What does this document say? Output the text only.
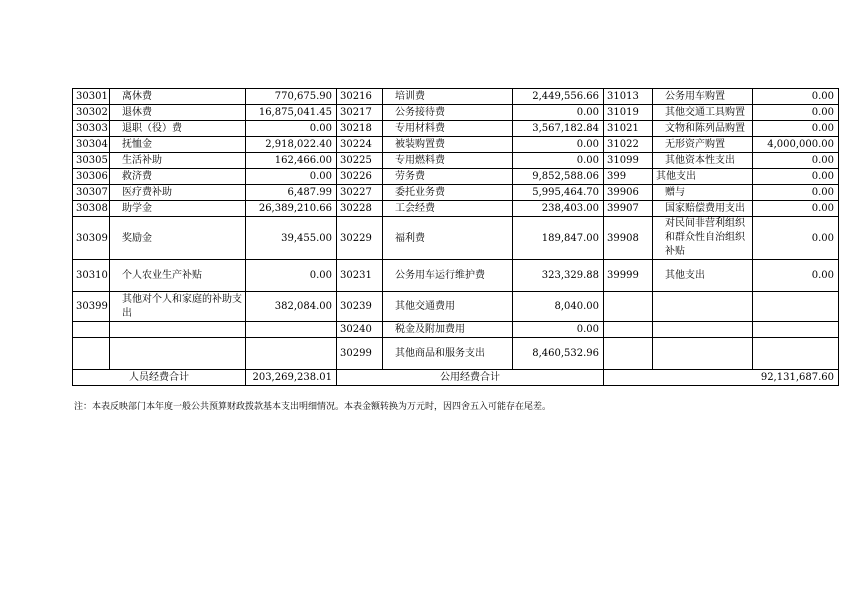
30301	离休费	770,675.90	30216	培训费	2,449,556.66	31013	公务用车购置	0.00
30302	退休费	16,875,041.45	30217	公务接待费	0.00	31019	其他交通工具购置	0.00
30303	退职（役）费	0.00	30218	专用材料费	3,567,182.84	31021	文物和陈列品购置	0.00
30304	抚恤金	2,918,022.40	30224	被装购置费	0.00	31022	无形资产购置	4,000,000.00
30305	生活补助	162,466.00	30225	专用燃料费	0.00	31099	其他资本性支出	0.00
30306	救济费	0.00	30226	劳务费	9,852,588.06	399	其他支出	0.00
30307	医疗费补助	6,487.99	30227	委托业务费	5,995,464.70	39906	赠与	0.00
30308	助学金	26,389,210.66	30228	工会经费	238,403.00	39907	国家赔偿费用支出	0.00
30309	奖励金	39,455.00	30229	福利费	189,847.00	39908	对民间非营利组织和群众性自治组织补贴	0.00
30310	个人农业生产补贴	0.00	30231	公务用车运行维护费	323,329.88	39999	其他支出	0.00
30399	其他对个人和家庭的补助支出	382,084.00	30239	其他交通费用	8,040.00			
			30240	税金及附加费用	0.00			
			30299	其他商品和服务支出	8,460,532.96			
人员经费合计		203,269,238.01	公用经费合计			92,131,687.60		
注：本表反映部门本年度一般公共预算财政拨款基本支出明细情况。本表金额转换为万元时，因四舍五入可能存在尾差。
